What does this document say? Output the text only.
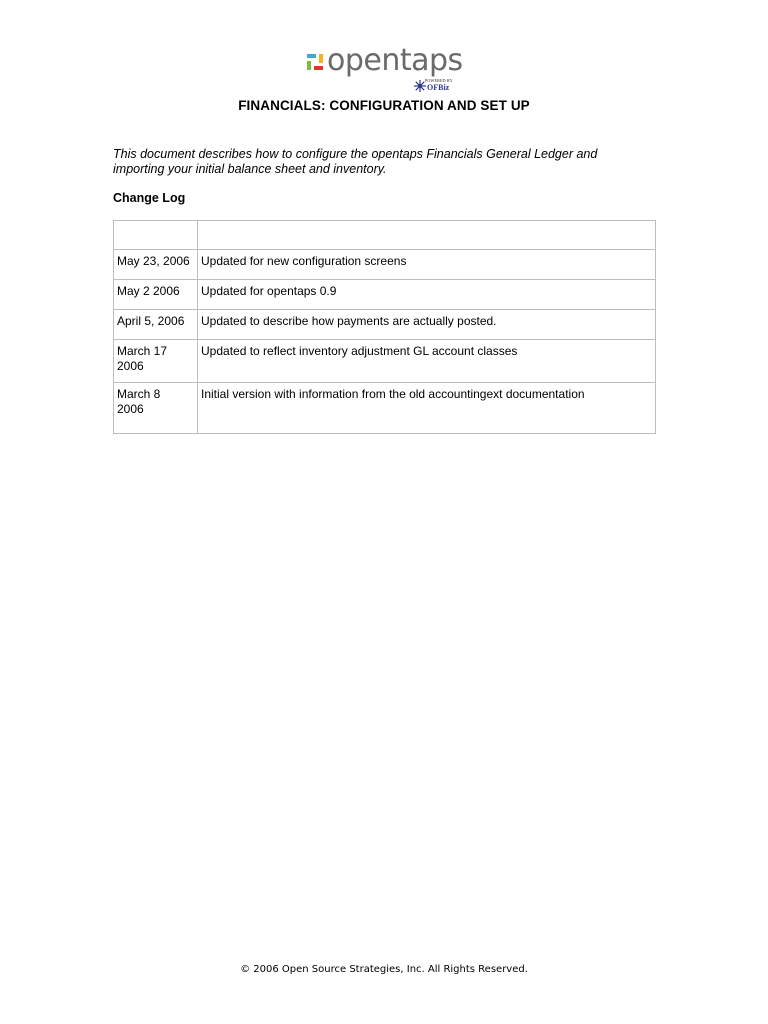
opentaps
POWERED BY
OFBiz
FINANCIALS: CONFIGURATION AND SET UP
This document describes how to configure the opentaps Financials General Ledger and
importing your initial balance sheet and inventory.
Change Log

May 23, 2006	Updated for new configuration screens

May 2 2006	Updated for opentaps 0.9

April 5, 2006	Updated to describe how payments are actually posted.

March 17
2006	Updated to reflect inventory adjustment GL account classes

March 8
2006	Initial version with information from the old accountingext documentation
© 2006 Open Source Strategies, Inc. All Rights Reserved.
